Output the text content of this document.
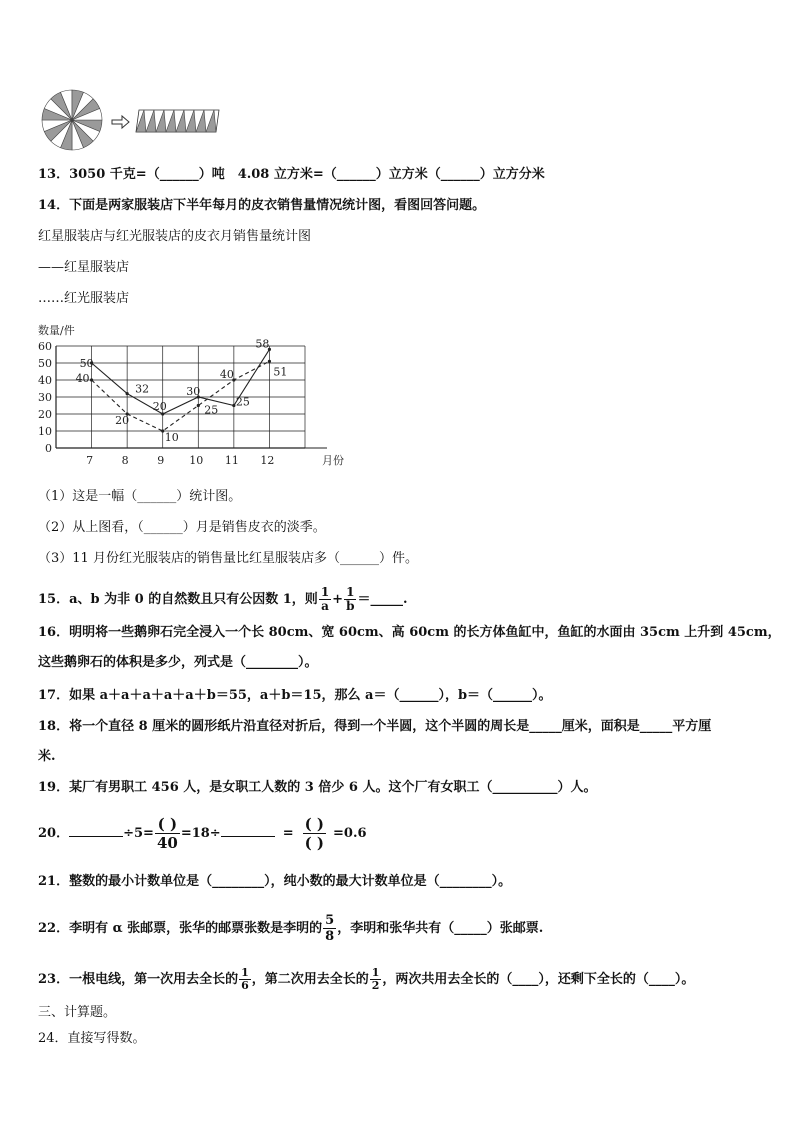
13．3050 千克=（______）吨　4.08 立方米=（______）立方米（______）立方分米
14．下面是两家服装店下半年每月的皮衣销售量情况统计图，看图回答问题。
红星服装店与红光服装店的皮衣月销售量统计图
——红星服装店
……红光服装店
数量/件
0
10
20
30
40
50
60
7	8	9 10 11 12	月份
50
32
20
30
25
58
40
20
10
25
40	51
（1）这是一幅（______）统计图。
（2）从上图看，（______）月是销售皮衣的淡季。
（3）11 月份红光服装店的销售量比红星服装店多（______）件。
15．a、b 为非 0 的自然数且只有公因数 1，则 $\frac{1}{a} + \frac{1}{b}$ ＝_____.
16．明明将一些鹅卵石完全浸入一个长 80cm、宽 60cm、高 60cm 的长方体鱼缸中，鱼缸的水面由 35cm 上升到 45cm，
这些鹅卵石的体积是多少，列式是（________）。
17．如果 a＋a＋a＋a＋a＋b＝55，a＋b＝15，那么 a＝（______），b＝（______）。
18．将一个直径 8 厘米的圆形纸片沿直径对折后，得到一个半圆，这个半圆的周长是_____厘米，面积是_____平方厘
米.
19．某厂有男职工 456 人，是女职工人数的 3 倍少 6 人。这个厂有女职工（__________）人。
20．	$\div 5= \frac{( )}{40} =18\div$	= $\frac{( )}{( )} =0.6$
21．整数的最小计数单位是（________），纯小数的最大计数单位是（________）。
22．李明有 α 张邮票，张华的邮票张数是李明的 $\frac{5}{8}$ ，李明和张华共有（_____）张邮票.
23．一根电线，第一次用去全长的 $\frac{1}{6}$ ，第二次用去全长的 $\frac{1}{2}$ ，两次共用去全长的（____），还剩下全长的（____）。
三、计算题。
24．直接写得数。
